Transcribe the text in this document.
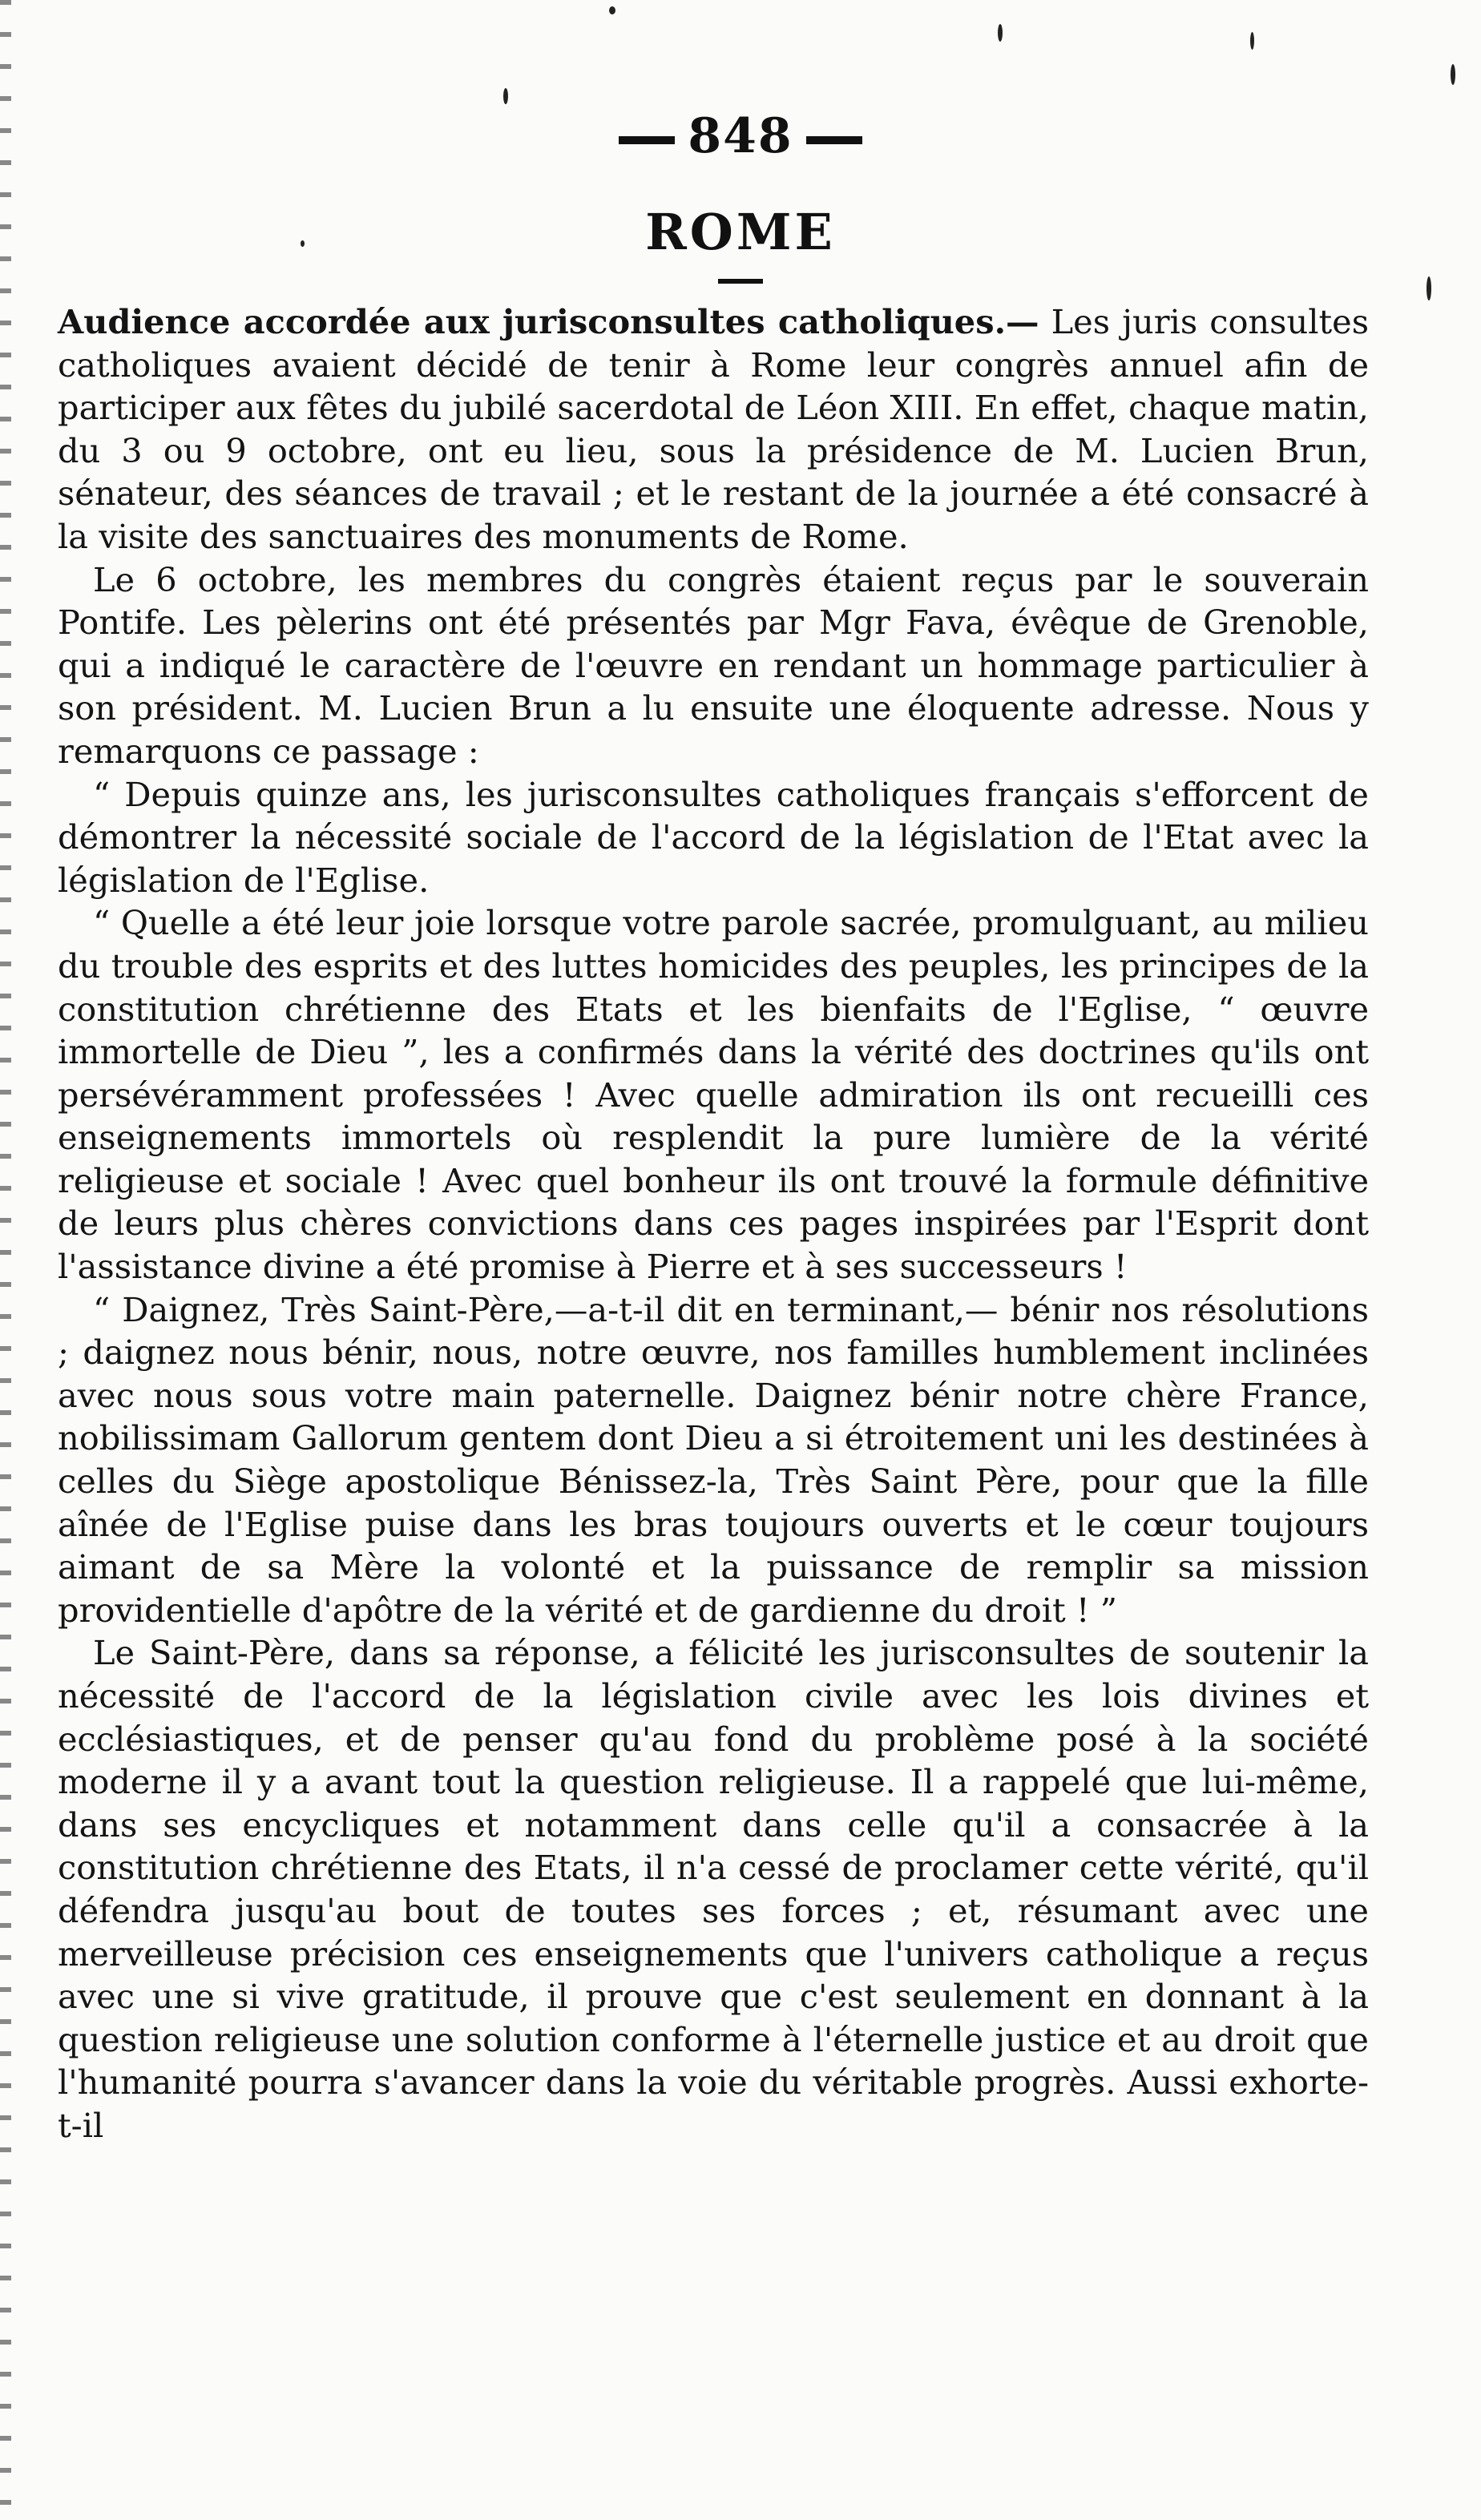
848
ROME

Audience accordée aux jurisconsultes catholiques.— Les juris consultes catholiques avaient décidé de tenir à Rome leur congrès annuel afin de participer aux fêtes du jubilé sacerdotal de Léon XIII. En effet, chaque matin, du 3 ou 9 octobre, ont eu lieu, sous la présidence de M. Lucien Brun, sénateur, des séances de travail ; et le restant de la journée a été consacré à la visite des sanctuaires des monuments de Rome.

Le 6 octobre, les membres du congrès étaient reçus par le souverain Pontife. Les pèlerins ont été présentés par Mgr Fava, évêque de Grenoble, qui a indiqué le caractère de l'œuvre en rendant un hommage particulier à son président. M. Lucien Brun a lu ensuite une éloquente adresse. Nous y remarquons ce passage :

“ Depuis quinze ans, les jurisconsultes catholiques français s'efforcent de démontrer la nécessité sociale de l'accord de la législation de l'Etat avec la législation de l'Eglise.

“ Quelle a été leur joie lorsque votre parole sacrée, promulguant, au milieu du trouble des esprits et des luttes homicides des peuples, les principes de la constitution chrétienne des Etats et les bienfaits de l'Eglise, “ œuvre immortelle de Dieu ”, les a confirmés dans la vérité des doctrines qu'ils ont persévéramment professées ! Avec quelle admiration ils ont recueilli ces enseignements immortels où resplendit la pure lumière de la vérité religieuse et sociale ! Avec quel bonheur ils ont trouvé la formule définitive de leurs plus chères convictions dans ces pages inspirées par l'Esprit dont l'assistance divine a été promise à Pierre et à ses successeurs !

“ Daignez, Très Saint-Père,—a-t-il dit en terminant,— bénir nos résolutions ; daignez nous bénir, nous, notre œuvre, nos familles humblement inclinées avec nous sous votre main paternelle. Daignez bénir notre chère France, nobilissimam Gallorum gentem dont Dieu a si étroitement uni les destinées à celles du Siège apostolique Bénissez-la, Très Saint Père, pour que la fille aînée de l'Eglise puise dans les bras toujours ouverts et le cœur toujours aimant de sa Mère la volonté et la puissance de remplir sa mission providentielle d'apôtre de la vérité et de gardienne du droit ! ”

Le Saint-Père, dans sa réponse, a félicité les jurisconsultes de soutenir la nécessité de l'accord de la législation civile avec les lois divines et ecclésiastiques, et de penser qu'au fond du problème posé à la société moderne il y a avant tout la question religieuse. Il a rappelé que lui-même, dans ses encycliques et notamment dans celle qu'il a consacrée à la constitution chrétienne des Etats, il n'a cessé de proclamer cette vérité, qu'il défendra jusqu'au bout de toutes ses forces ; et, résumant avec une merveilleuse précision ces enseignements que l'univers catholique a reçus avec une si vive gratitude, il prouve que c'est seulement en donnant à la question religieuse une solution conforme à l'éternelle justice et au droit que l'humanité pourra s'avancer dans la voie du véritable progrès. Aussi exhorte-t-il
